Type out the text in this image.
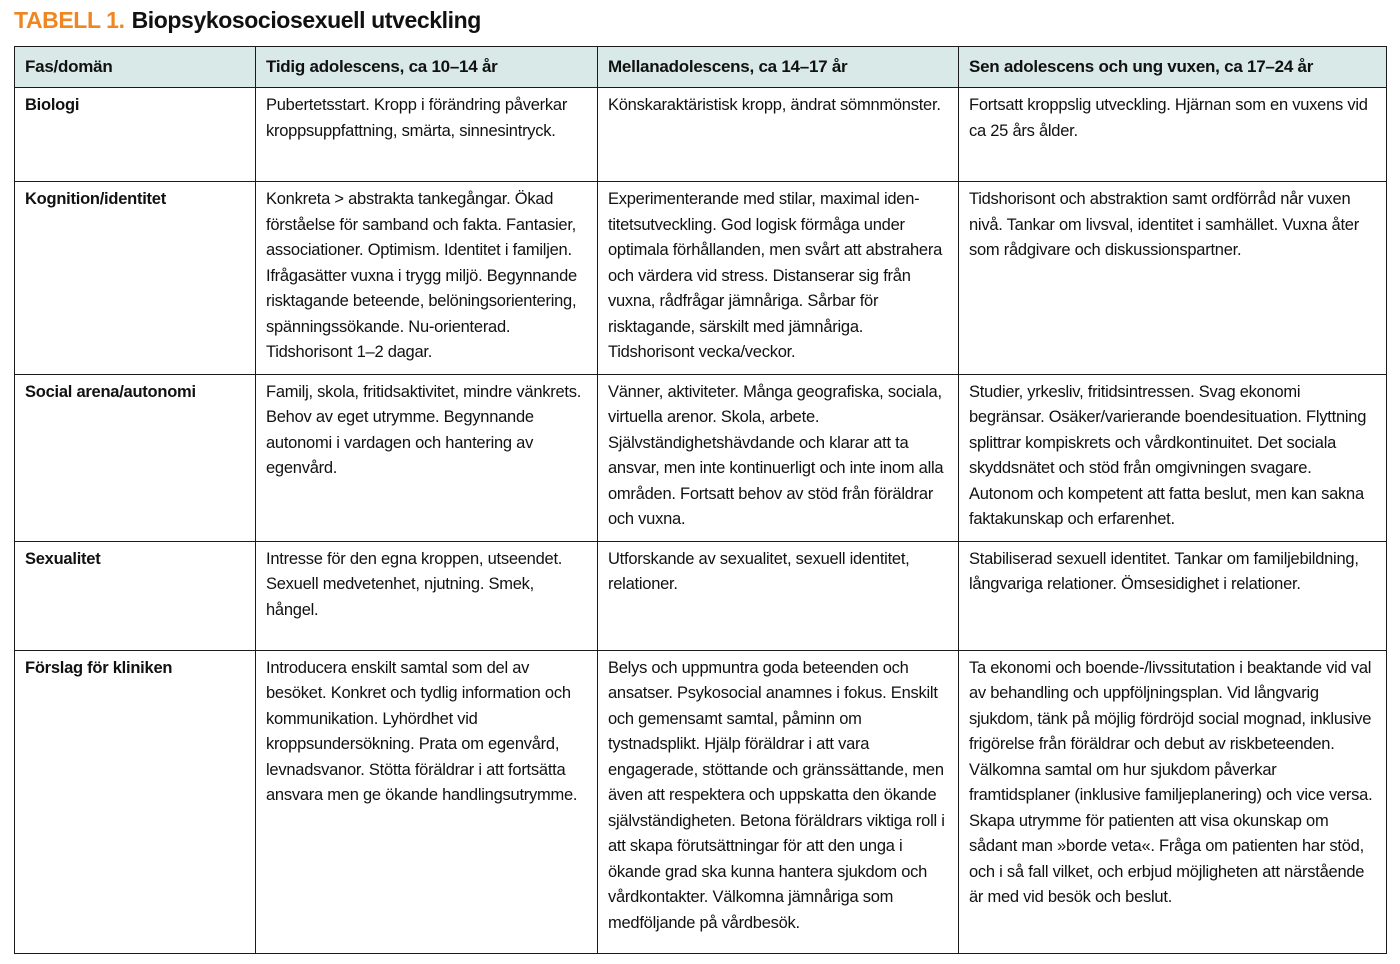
TABELL 1. Biopsykosociosexuell utveckling
Fas/domän	Tidig adolescens, ca 10–14 år	Mellanadolescens, ca 14–17 år	Sen adolescens och ung vuxen, ca 17–24 år
Biologi	Pubertetsstart. Kropp i förändring påverkar kroppsuppfattning, smärta, sinnesintryck.	Könskaraktäristisk kropp, ändrat sömnmönster.	Fortsatt kroppslig utveckling. Hjärnan som en vuxens vid ca 25 års ålder.
Kognition/identitet	Konkreta > abstrakta tankegångar. Ökad förståelse för samband och fakta. Fantasier, associationer. Optimism. Identitet i familjen. Ifrågasätter vuxna i trygg miljö. Begynnande risktagande beteende, belöningsorientering, spänningssökande. Nu-orienterad. Tidshorisont 1–2 dagar.	Experimenterande med stilar, maximal identitetsutveckling. God logisk förmåga under optimala förhållanden, men svårt att abstrahera och värdera vid stress. Distanserar sig från vuxna, rådfrågar jämnåriga. Sårbar för risktagande, särskilt med jämnåriga. Tidshorisont vecka/veckor.	Tidshorisont och abstraktion samt ordförråd når vuxen nivå. Tankar om livsval, identitet i samhället. Vuxna åter som rådgivare och diskussionspartner.
Social arena/autonomi	Familj, skola, fritidsaktivitet, mindre vänkrets. Behov av eget utrymme. Begynnande autonomi i vardagen och hantering av egenvård.	Vänner, aktiviteter. Många geografiska, sociala, virtuella arenor. Skola, arbete. Självständighetshävdande och klarar att ta ansvar, men inte kontinuerligt och inte inom alla områden. Fortsatt behov av stöd från föräldrar och vuxna.	Studier, yrkesliv, fritidsintressen. Svag ekonomi begränsar. Osäker/varierande boendesituation. Flyttning splittrar kompiskrets och vårdkontinuitet. Det sociala skyddsnätet och stöd från omgivningen svagare. Autonom och kompetent att fatta beslut, men kan sakna faktakunskap och erfarenhet.
Sexualitet	Intresse för den egna kroppen, utseendet. Sexuell medvetenhet, njutning. Smek, hångel.	Utforskande av sexualitet, sexuell identitet, relationer.	Stabiliserad sexuell identitet. Tankar om familjebildning, långvariga relationer. Ömsesidighet i relationer.
Förslag för kliniken	Introducera enskilt samtal som del av besöket. Konkret och tydlig information och kommunikation. Lyhördhet vid kroppsundersökning. Prata om egenvård, levnadsvanor. Stötta föräldrar i att fortsätta ansvara men ge ökande handlingsutrymme.	Belys och uppmuntra goda beteenden och ansatser. Psykosocial anamnes i fokus. Enskilt och gemensamt samtal, påminn om tystnadsplikt. Hjälp föräldrar i att vara engagerade, stöttande och gränssättande, men även att respektera och uppskatta den ökande självständigheten. Betona föräldrars viktiga roll i att skapa förutsättningar för att den unga i ökande grad ska kunna hantera sjukdom och vårdkontakter. Välkomna jämnåriga som medföljande på vårdbesök.	Ta ekonomi och boende-/livssitutation i beaktande vid val av behandling och uppföljningsplan. Vid långvarig sjukdom, tänk på möjlig fördröjd social mognad, inklusive frigörelse från föräldrar och debut av riskbeteenden. Välkomna samtal om hur sjukdom påverkar framtidsplaner (inklusive familjeplanering) och vice versa. Skapa utrymme för patienten att visa okunskap om sådant man »borde veta«. Fråga om patienten har stöd, och i så fall vilket, och erbjud möjligheten att närstående är med vid besök och beslut.
